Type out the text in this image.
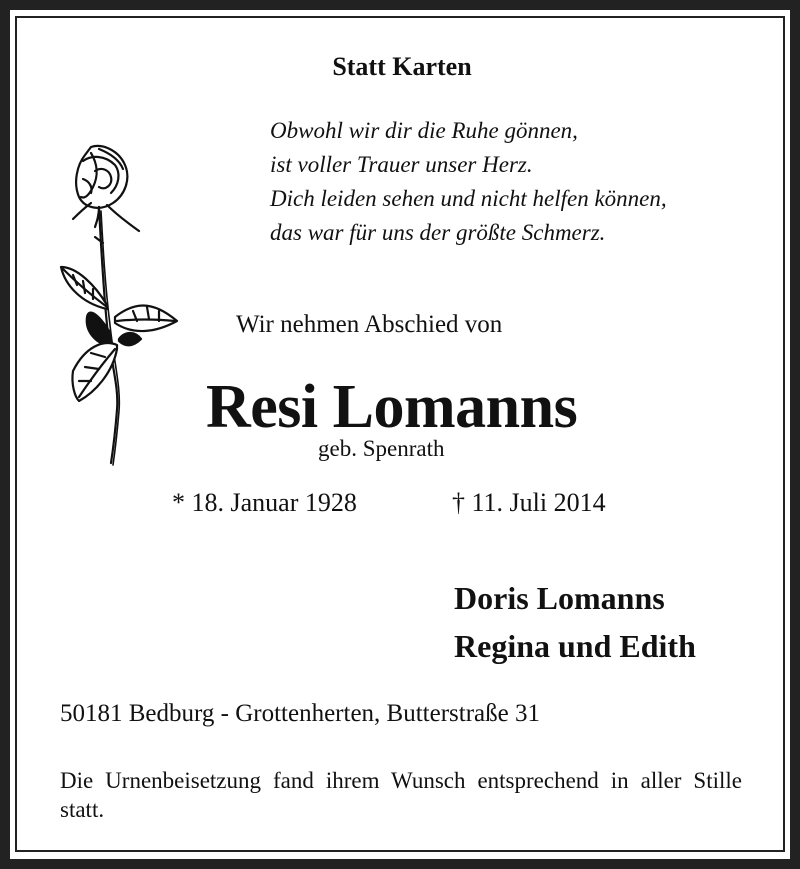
Statt Karten
Obwohl wir dir die Ruhe gönnen,
ist voller Trauer unser Herz.
Dich leiden sehen und nicht helfen können,
das war für uns der größte Schmerz.
Wir nehmen Abschied von
Resi Lomanns
geb. Spenrath
* 18. Januar 1928	† 11. Juli 2014
Doris Lomanns
Regina und Edith
50181 Bedburg - Grottenherten, Butterstraße 31
Die Urnenbeisetzung fand ihrem Wunsch entsprechend in aller Stille statt.
